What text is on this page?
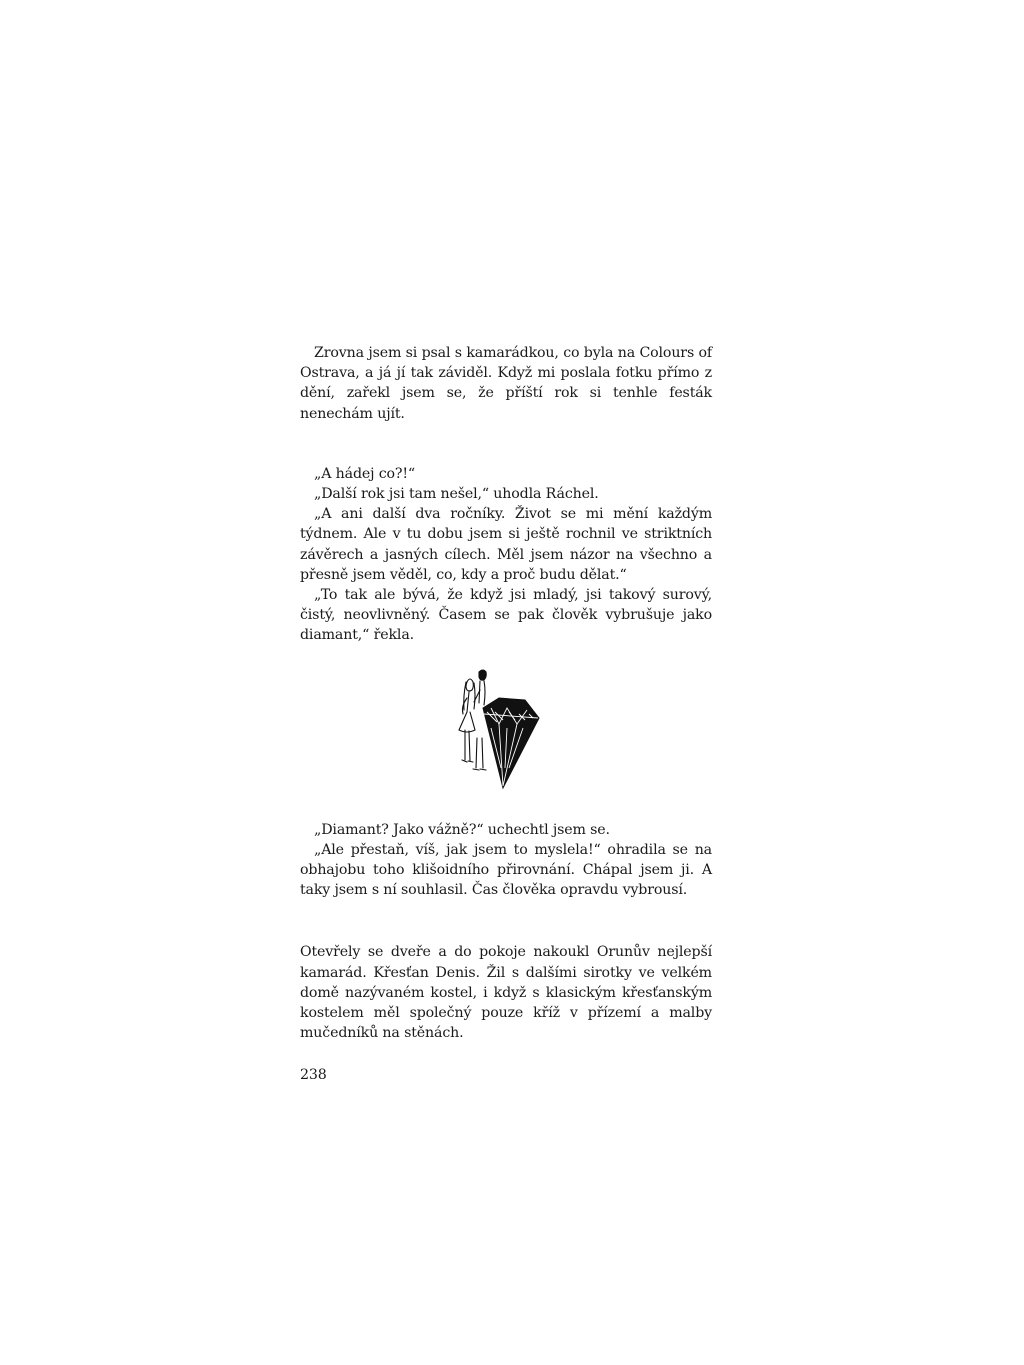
Zrovna jsem si psal s kamarádkou, co byla na Colours of Ostrava, a já jí tak záviděl. Když mi poslala fotku přímo z dění, zařekl jsem se, že příští rok si tenhle festák nenechám ujít.

„A hádej co?!“

„Další rok jsi tam nešel,“ uhodla Ráchel.

„A ani další dva ročníky. Život se mi mění každým týdnem. Ale v tu dobu jsem si ještě rochnil ve striktních závěrech a jasných cílech. Měl jsem názor na všechno a přesně jsem věděl, co, kdy a proč budu dělat.“

„To tak ale bývá, že když jsi mladý, jsi takový surový, čistý, neovlivněný. Časem se pak člověk vybrušuje jako diamant,“ řekla.

„Diamant? Jako vážně?“ uchechtl jsem se.

„Ale přestaň, víš, jak jsem to myslela!“ ohradila se na obhajobu toho klišoidního přirovnání. Chápal jsem ji. A taky jsem s ní souhlasil. Čas člověka opravdu vybrousí.

Otevřely se dveře a do pokoje nakoukl Orunův nejlepší kamarád. Křesťan Denis. Žil s dalšími sirotky ve velkém domě nazývaném kostel, i když s klasickým křesťanským kostelem měl společný pouze kříž v přízemí a malby mučedníků na stěnách.

238
